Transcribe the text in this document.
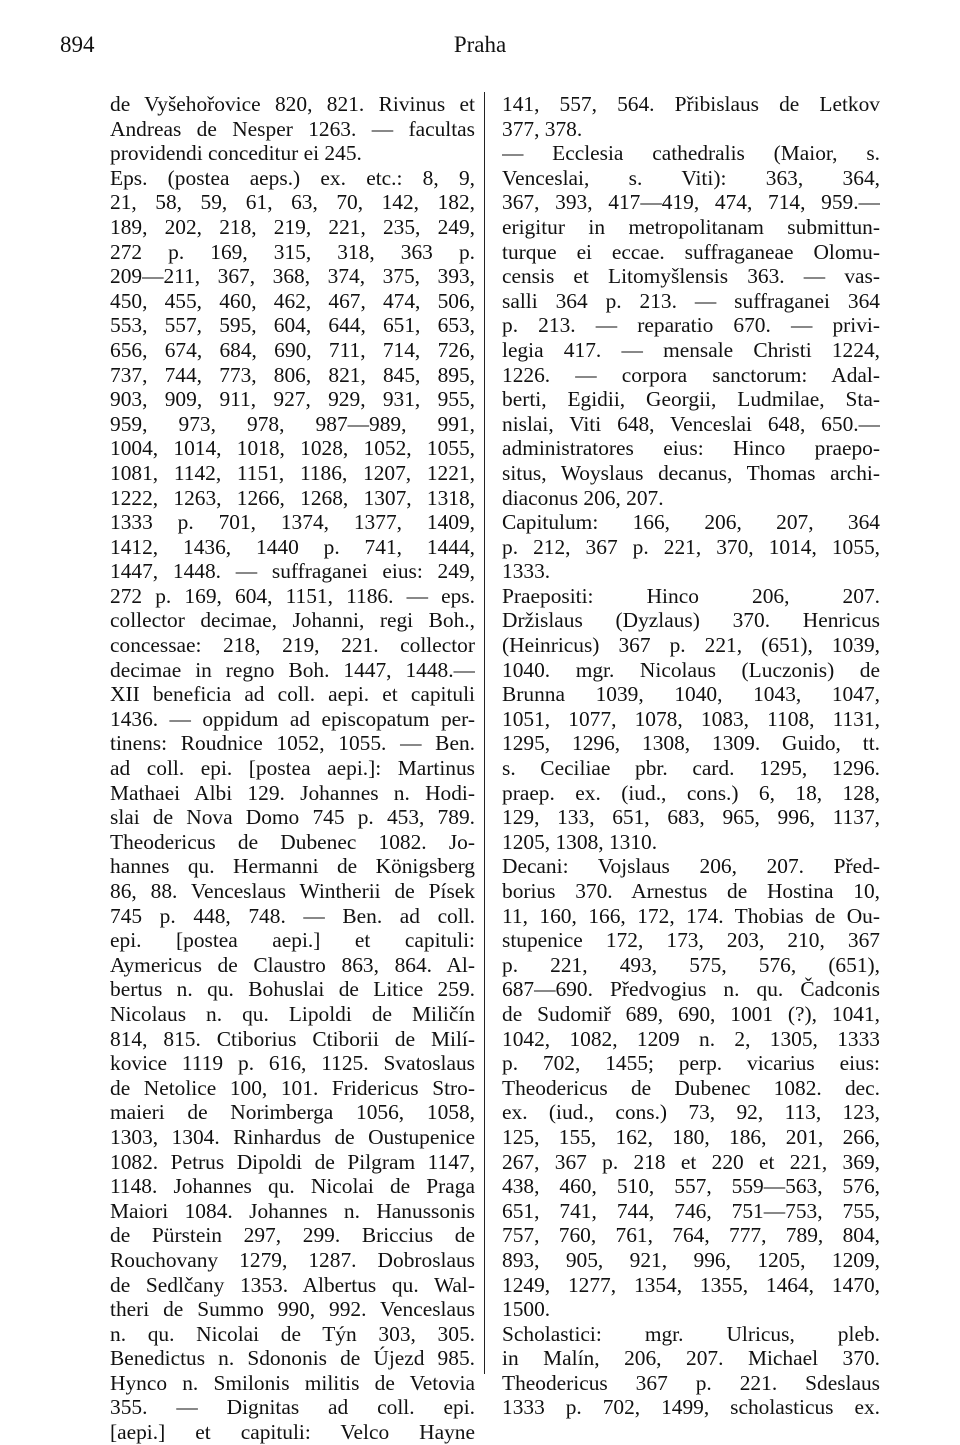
894	Praha
de Vyšehořovice 820, 821. Rivinus et
Andreas de Nesper 1263. — facultas
providendi conceditur ei 245.
Eps. (postea aeps.) ex. etc.: 8, 9,
21, 58, 59, 61, 63, 70, 142, 182,
189, 202, 218, 219, 221, 235, 249,
272 p. 169, 315, 318, 363 p.
209—211, 367, 368, 374, 375, 393,
450, 455, 460, 462, 467, 474, 506,
553, 557, 595, 604, 644, 651, 653,
656, 674, 684, 690, 711, 714, 726,
737, 744, 773, 806, 821, 845, 895,
903, 909, 911, 927, 929, 931, 955,
959, 973, 978, 987—989, 991,
1004, 1014, 1018, 1028, 1052, 1055,
1081, 1142, 1151, 1186, 1207, 1221,
1222, 1263, 1266, 1268, 1307, 1318,
1333 p. 701, 1374, 1377, 1409,
1412, 1436, 1440 p. 741, 1444,
1447, 1448. — suffraganei eius: 249,
272 p. 169, 604, 1151, 1186. — eps.
collector decimae, Johanni, regi Boh.,
concessae: 218, 219, 221. collector
decimae in regno Boh. 1447, 1448.—
XII beneficia ad coll. aepi. et capituli
1436. — oppidum ad episcopatum per-
tinens: Roudnice 1052, 1055. — Ben.
ad coll. epi. [postea aepi.]: Martinus
Mathaei Albi 129. Johannes n. Hodi-
slai de Nova Domo 745 p. 453, 789.
Theodericus de Dubenec 1082. Jo-
hannes qu. Hermanni de Königsberg
86, 88. Venceslaus Wintherii de Písek
745 p. 448, 748. — Ben. ad coll.
epi. [postea aepi.] et capituli:
Aymericus de Claustro 863, 864. Al-
bertus n. qu. Bohuslai de Litice 259.
Nicolaus n. qu. Lipoldi de Miličín
814, 815. Ctiborius Ctiborii de Milí-
kovice 1119 p. 616, 1125. Svatoslaus
de Netolice 100, 101. Fridericus Stro-
maieri de Norimberga 1056, 1058,
1303, 1304. Rinhardus de Oustupenice
1082. Petrus Dipoldi de Pilgram 1147,
1148. Johannes qu. Nicolai de Praga
Maiori 1084. Johannes n. Hanussonis
de Pürstein 297, 299. Briccius de
Rouchovany 1279, 1287. Dobroslaus
de Sedlčany 1353. Albertus qu. Wal-
theri de Summo 990, 992. Venceslaus
n. qu. Nicolai de Týn 303, 305.
Benedictus n. Sdononis de Újezd 985.
Hynco n. Smilonis militis de Vetovia
355. — Dignitas ad coll. epi.
[aepi.] et capituli: Velco Hayne
141, 557, 564. Přibislaus de Letkov
377, 378.
— Ecclesia cathedralis (Maior, s.
Venceslai, s. Viti): 363, 364,
367, 393, 417—419, 474, 714, 959.—
erigitur in metropolitanam submittun-
turque ei eccae. suffraganeae Olomu-
censis et Litomyšlensis 363. — vas-
salli 364 p. 213. — suffraganei 364
p. 213. — reparatio 670. — privi-
legia 417. — mensale Christi 1224,
1226. — corpora sanctorum: Adal-
berti, Egidii, Georgii, Ludmilae, Sta-
nislai, Viti 648, Venceslai 648, 650.—
administratores eius: Hinco praepo-
situs, Woyslaus decanus, Thomas archi-
diaconus 206, 207.
Capitulum: 166, 206, 207, 364
p. 212, 367 p. 221, 370, 1014, 1055,
1333.
Praepositi: Hinco 206, 207.
Držislaus (Dyzlaus) 370. Henricus
(Heinricus) 367 p. 221, (651), 1039,
1040. mgr. Nicolaus (Luczonis) de
Brunna 1039, 1040, 1043, 1047,
1051, 1077, 1078, 1083, 1108, 1131,
1295, 1296, 1308, 1309. Guido, tt.
s. Ceciliae pbr. card. 1295, 1296.
praep. ex. (iud., cons.) 6, 18, 128,
129, 133, 651, 683, 965, 996, 1137,
1205, 1308, 1310.
Decani: Vojslaus 206, 207. Před-
borius 370. Arnestus de Hostina 10,
11, 160, 166, 172, 174. Thobias de Ou-
stupenice 172, 173, 203, 210, 367
p. 221, 493, 575, 576, (651),
687—690. Předvogius n. qu. Čadconis
de Sudomiř 689, 690, 1001 (?), 1041,
1042, 1082, 1209 n. 2, 1305, 1333
p. 702, 1455; perp. vicarius eius:
Theodericus de Dubenec 1082. dec.
ex. (iud., cons.) 73, 92, 113, 123,
125, 155, 162, 180, 186, 201, 266,
267, 367 p. 218 et 220 et 221, 369,
438, 460, 510, 557, 559—563, 576,
651, 741, 744, 746, 751—753, 755,
757, 760, 761, 764, 777, 789, 804,
893, 905, 921, 996, 1205, 1209,
1249, 1277, 1354, 1355, 1464, 1470,
1500.
Scholastici: mgr. Ulricus, pleb.
in Malín, 206, 207. Michael 370.
Theodericus 367 p. 221. Sdeslaus
1333 p. 702, 1499, scholasticus ex.
